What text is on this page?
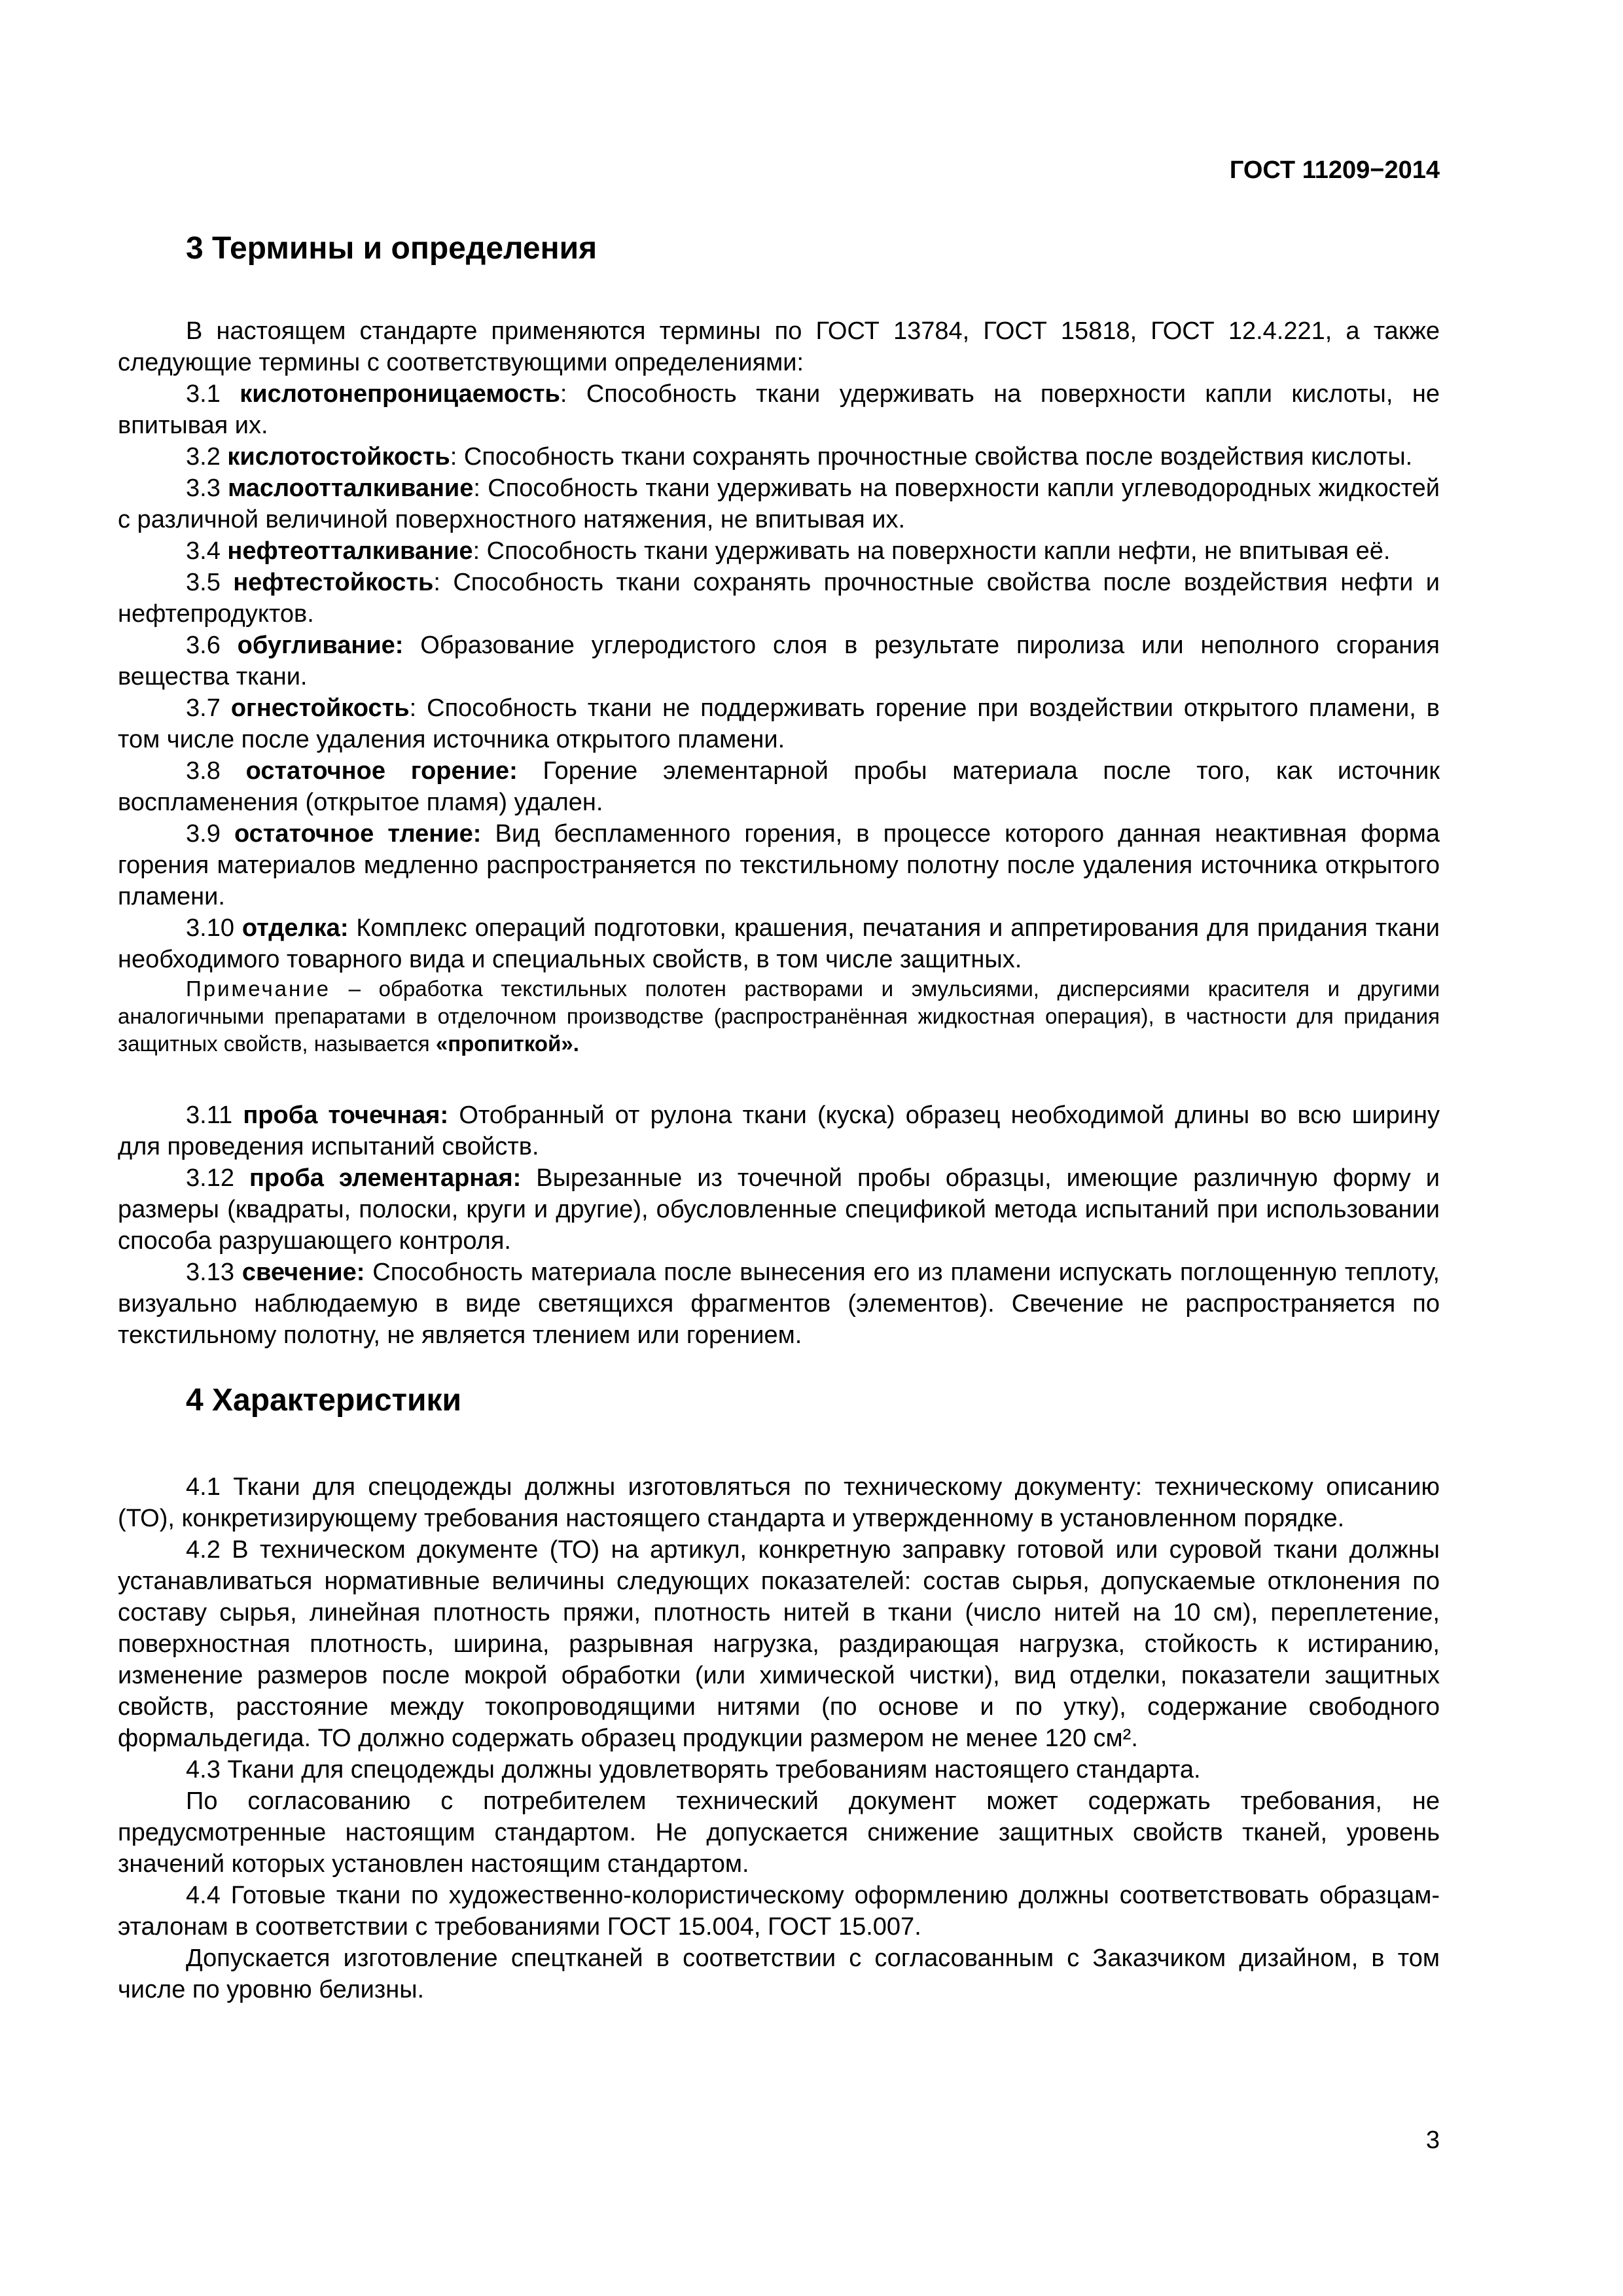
ГОСТ 11209−2014
3 Термины и определения

В настоящем стандарте применяются термины по ГОСТ 13784, ГОСТ 15818, ГОСТ 12.4.221, а также следующие термины с соответствующими определениями:

3.1 кислотонепроницаемость: Способность ткани удерживать на поверхности капли кислоты, не впитывая их.

3.2 кислотостойкость: Способность ткани сохранять прочностные свойства после воздействия кислоты.

3.3 маслоотталкивание: Способность ткани удерживать на поверхности капли углеводородных жидкостей с различной величиной поверхностного натяжения, не впитывая их.

3.4 нефтеотталкивание: Способность ткани удерживать на поверхности капли нефти, не впитывая её.

3.5 нефтестойкость: Способность ткани сохранять прочностные свойства после воздействия нефти и нефтепродуктов.

3.6 обугливание: Образование углеродистого слоя в результате пиролиза или неполного сгорания вещества ткани.

3.7 огнестойкость: Способность ткани не поддерживать горение при воздействии открытого пламени, в том числе после удаления источника открытого пламени.

3.8 остаточное горение: Горение элементарной пробы материала после того, как источник воспламенения (открытое пламя) удален.

3.9 остаточное тление: Вид беспламенного горения, в процессе которого данная неактивная форма горения материалов медленно распространяется по текстильному полотну после удаления источника открытого пламени.

3.10 отделка: Комплекс операций подготовки, крашения, печатания и аппретирования для придания ткани необходимого товарного вида и специальных свойств, в том числе защитных.

Примечание – обработка текстильных полотен растворами и эмульсиями, дисперсиями красителя и другими аналогичными препаратами в отделочном производстве (распространённая жидкостная операция), в частности для придания защитных свойств, называется «пропиткой».

3.11 проба точечная: Отобранный от рулона ткани (куска) образец необходимой длины во всю ширину для проведения испытаний свойств.

3.12 проба элементарная: Вырезанные из точечной пробы образцы, имеющие различную форму и размеры (квадраты, полоски, круги и другие), обусловленные спецификой метода испытаний при использовании способа разрушающего контроля.

3.13 свечение: Способность материала после вынесения его из пламени испускать поглощенную теплоту, визуально наблюдаемую в виде светящихся фрагментов (элементов). Свечение не распространяется по текстильному полотну, не является тлением или горением.

4 Характеристики

4.1 Ткани для спецодежды должны изготовляться по техническому документу: техническому описанию (ТО), конкретизирующему требования настоящего стандарта и утвержденному в установленном порядке.

4.2 В техническом документе (ТО) на артикул, конкретную заправку готовой или суровой ткани должны устанавливаться нормативные величины следующих показателей: состав сырья, допускаемые отклонения по составу сырья, линейная плотность пряжи, плотность нитей в ткани (число нитей на 10 см), переплетение, поверхностная плотность, ширина, разрывная нагрузка, раздирающая нагрузка, стойкость к истиранию, изменение размеров после мокрой обработки (или химической чистки), вид отделки, показатели защитных свойств, расстояние между токопроводящими нитями (по основе и по утку), содержание свободного формальдегида. ТО должно содержать образец продукции размером не менее 120 см².

4.3 Ткани для спецодежды должны удовлетворять требованиям настоящего стандарта.

По согласованию с потребителем технический документ может содержать требования, не предусмотренные настоящим стандартом. Не допускается снижение защитных свойств тканей, уровень значений которых установлен настоящим стандартом.

4.4 Готовые ткани по художественно-колористическому оформлению должны соответствовать образцам-эталонам в соответствии с требованиями ГОСТ 15.004, ГОСТ 15.007.

Допускается изготовление спецтканей в соответствии с согласованным с Заказчиком дизайном, в том числе по уровню белизны.

3
